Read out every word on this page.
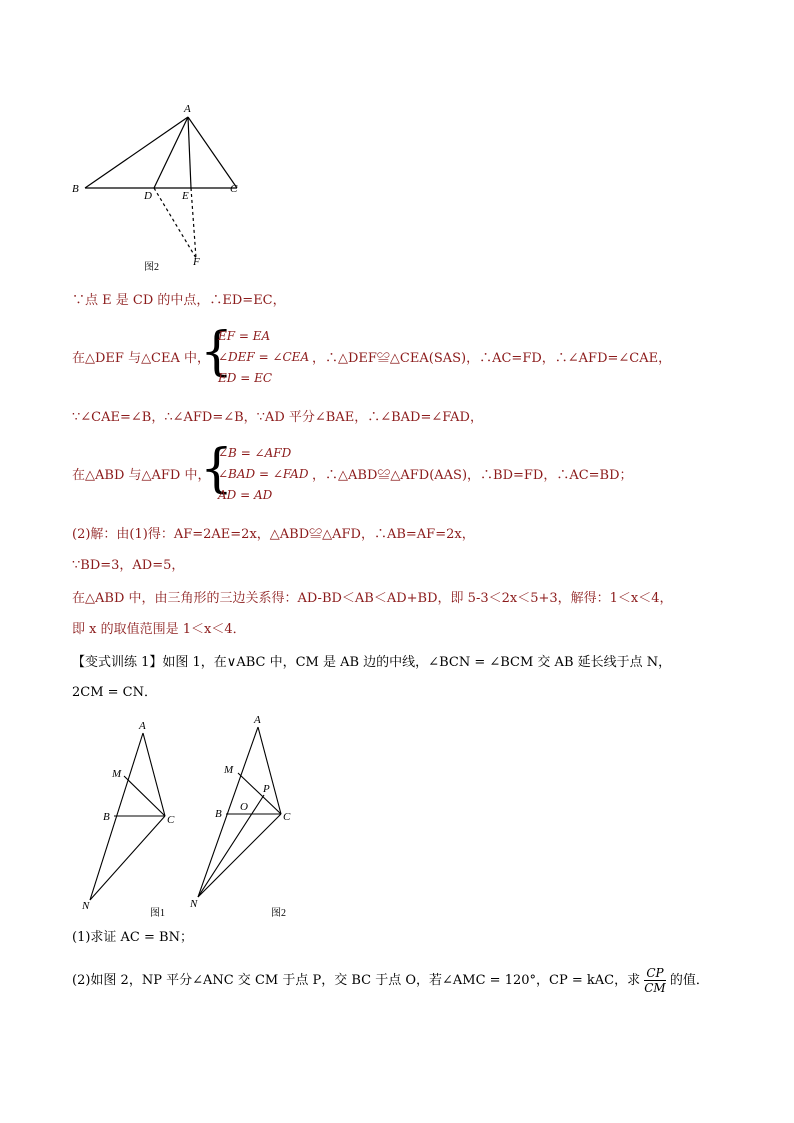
A
B	C
D	E
F
图2
∵点 E 是 CD 的中点，∴ED=EC，
在△DEF 与△CEA 中，
{
EF = EA
∠DEF = ∠CEA
ED = EC
，∴△DEF≌△CEA(SAS)，∴AC=FD，∴∠AFD=∠CAE，
∵∠CAE=∠B，∴∠AFD=∠B，∵AD 平分∠BAE，∴∠BAD=∠FAD，
在△ABD 与△AFD 中，
{
∠B = ∠AFD
∠BAD = ∠FAD
AD = AD
，∴△ABD≌△AFD(AAS)，∴BD=FD，∴AC=BD；
(2)解：由(1)得：AF=2AE=2x，△ABD≌△AFD，∴AB=AF=2x，
∵BD=3，AD=5，
在△ABD 中，由三角形的三边关系得：AD-BD＜AB＜AD+BD，即 5-3＜2x＜5+3，解得：1＜x＜4，
即 x 的取值范围是 1＜x＜4．
【变式训练 1】如图 1，在∨ABC 中，CM 是 AB 边的中线，∠BCN = ∠BCM 交 AB 延长线于点 N，
2CM = CN．
A
M
B	C
N
图1
A
M
P
O
B	C
N
图2
(1)求证 AC = BN；
(2)如图 2，NP 平分∠ANC 交 CM 于点 P，交 BC 于点 O，若∠AMC = 120°，CP = kAC，求 $\frac{CP}{CM}$ 的值．
